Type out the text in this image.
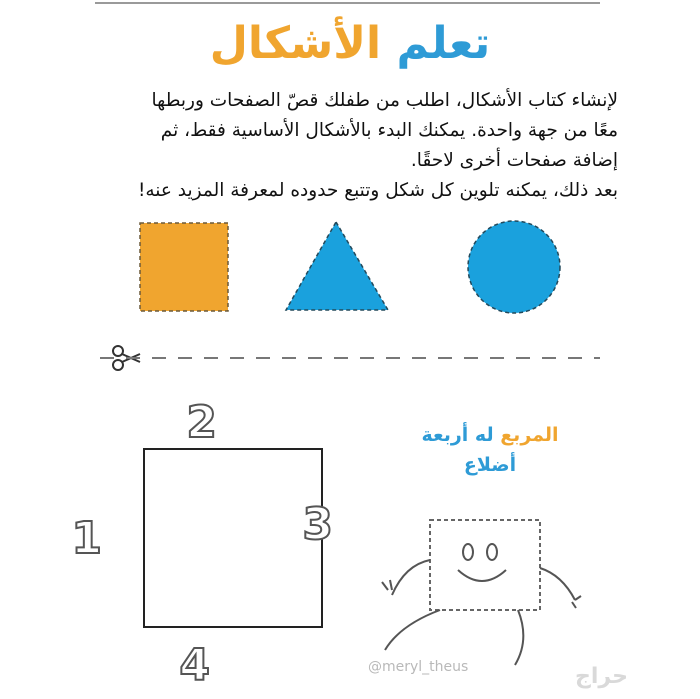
تعلم الأشكال

لإنشاء كتاب الأشكال، اطلب من طفلك قصّ الصفحات وربطها

معًا من جهة واحدة. يمكنك البدء بالأشكال الأساسية فقط، ثم

إضافة صفحات أخرى لاحقًا.

بعد ذلك، يمكنه تلوين كل شكل وتتبع حدوده لمعرفة المزيد عنه!

1
2
3
4
المربع له أربعة
أضلاع
@meryl_theus	حراج
